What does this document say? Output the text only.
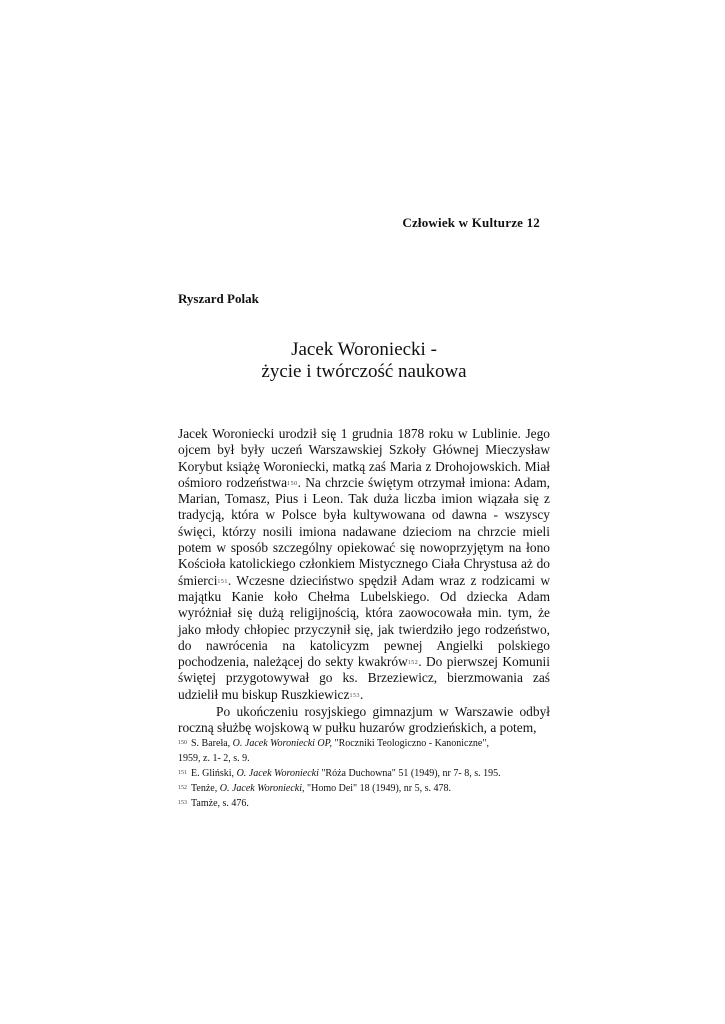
Człowiek w Kulturze 12
Ryszard Polak
Jacek Woroniecki -
życie i twórczość naukowa

Jacek Woroniecki urodził się 1 grudnia 1878 roku w Lublinie. Jego ojcem był były uczeń Warszawskiej Szkoły Głównej Mieczysław Korybut książę Woroniecki, matką zaś Maria z Drohojowskich. Miał ośmioro rodzeństwa$^{150}$. Na chrzcie świętym otrzymał imiona: Adam, Marian, Tomasz, Pius i Leon. Tak duża liczba imion wiązała się z tradycją, która w Polsce była kultywowana od dawna - wszyscy święci, którzy nosili imiona nadawane dzieciom na chrzcie mieli potem w sposób szczególny opiekować się nowoprzyjętym na łono Kościoła katolickiego członkiem Mistycznego Ciała Chrystusa aż do śmierci$^{151}$. Wczesne dzieciństwo spędził Adam wraz z rodzicami w majątku Kanie koło Chełma Lubelskiego. Od dziecka Adam wyróżniał się dużą religijnością, która zaowocowała min. tym, że jako młody chłopiec przyczynił się, jak twierdziło jego rodzeństwo, do nawrócenia na katolicyzm pewnej Angielki polskiego pochodzenia, należącej do sekty kwakrów$^{152}$. Do pierwszej Komunii świętej przygotowywał go ks. Brzeziewicz, bierzmowania zaś udzielił mu biskup Ruszkiewicz$^{153}$.

Po ukończeniu rosyjskiego gimnazjum w Warszawie odbył roczną służbę wojskową w pułku huzarów grodzieńskich, a potem,

$^{150}$ S. Bareła, O. Jacek Woroniecki OP, "Roczniki Teologiczno - Kanoniczne",
1959, z. 1- 2, s. 9.
$^{151}$ E. Gliński, O. Jacek Woroniecki "Róża Duchowna" 51 (1949), nr 7- 8, s. 195.
$^{152}$ Tenże, O. Jacek Woroniecki, "Homo Dei" 18 (1949), nr 5, s. 478.
$^{153}$ Tamże, s. 476.
